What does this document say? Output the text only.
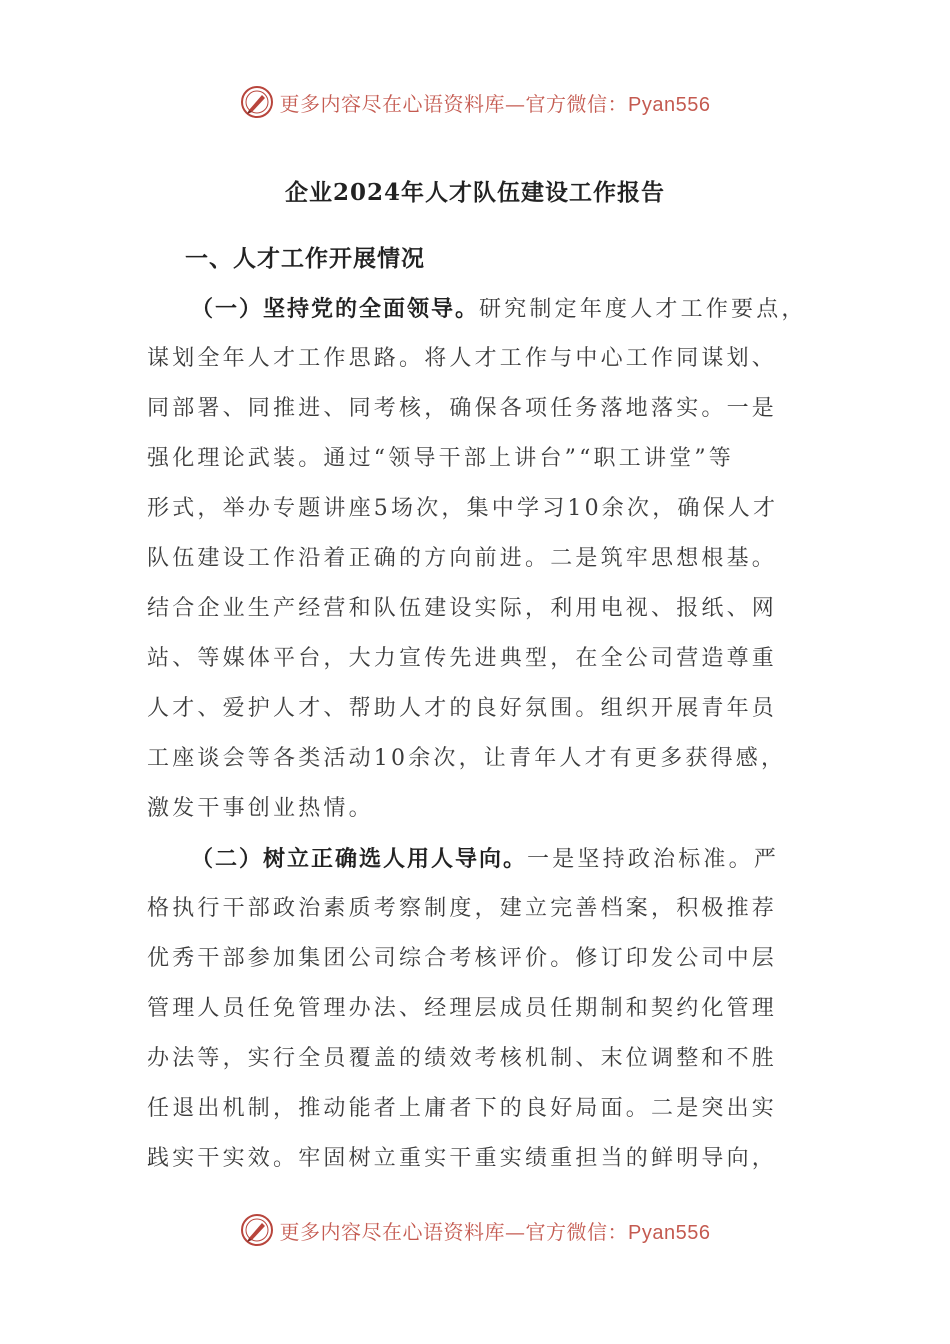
更多内容尽在心语资料库—官方微信：Pyan556
企业2024年人才队伍建设工作报告
一、人才工作开展情况
（一）坚持党的全面领导。研究制定年度人才工作要点，
谋划全年人才工作思路。将人才工作与中心工作同谋划、
同部署、同推进、同考核，确保各项任务落地落实。一是
强化理论武装。通过“领导干部上讲台”“职工讲堂”等
形式，举办专题讲座5场次，集中学习10余次，确保人才
队伍建设工作沿着正确的方向前进。二是筑牢思想根基。
结合企业生产经营和队伍建设实际，利用电视、报纸、网
站、等媒体平台，大力宣传先进典型，在全公司营造尊重
人才、爱护人才、帮助人才的良好氛围。组织开展青年员
工座谈会等各类活动10余次，让青年人才有更多获得感，
激发干事创业热情。
（二）树立正确选人用人导向。一是坚持政治标准。严
格执行干部政治素质考察制度，建立完善档案，积极推荐
优秀干部参加集团公司综合考核评价。修订印发公司中层
管理人员任免管理办法、经理层成员任期制和契约化管理
办法等，实行全员覆盖的绩效考核机制、末位调整和不胜
任退出机制，推动能者上庸者下的良好局面。二是突出实
践实干实效。牢固树立重实干重实绩重担当的鲜明导向，
更多内容尽在心语资料库—官方微信：Pyan556
